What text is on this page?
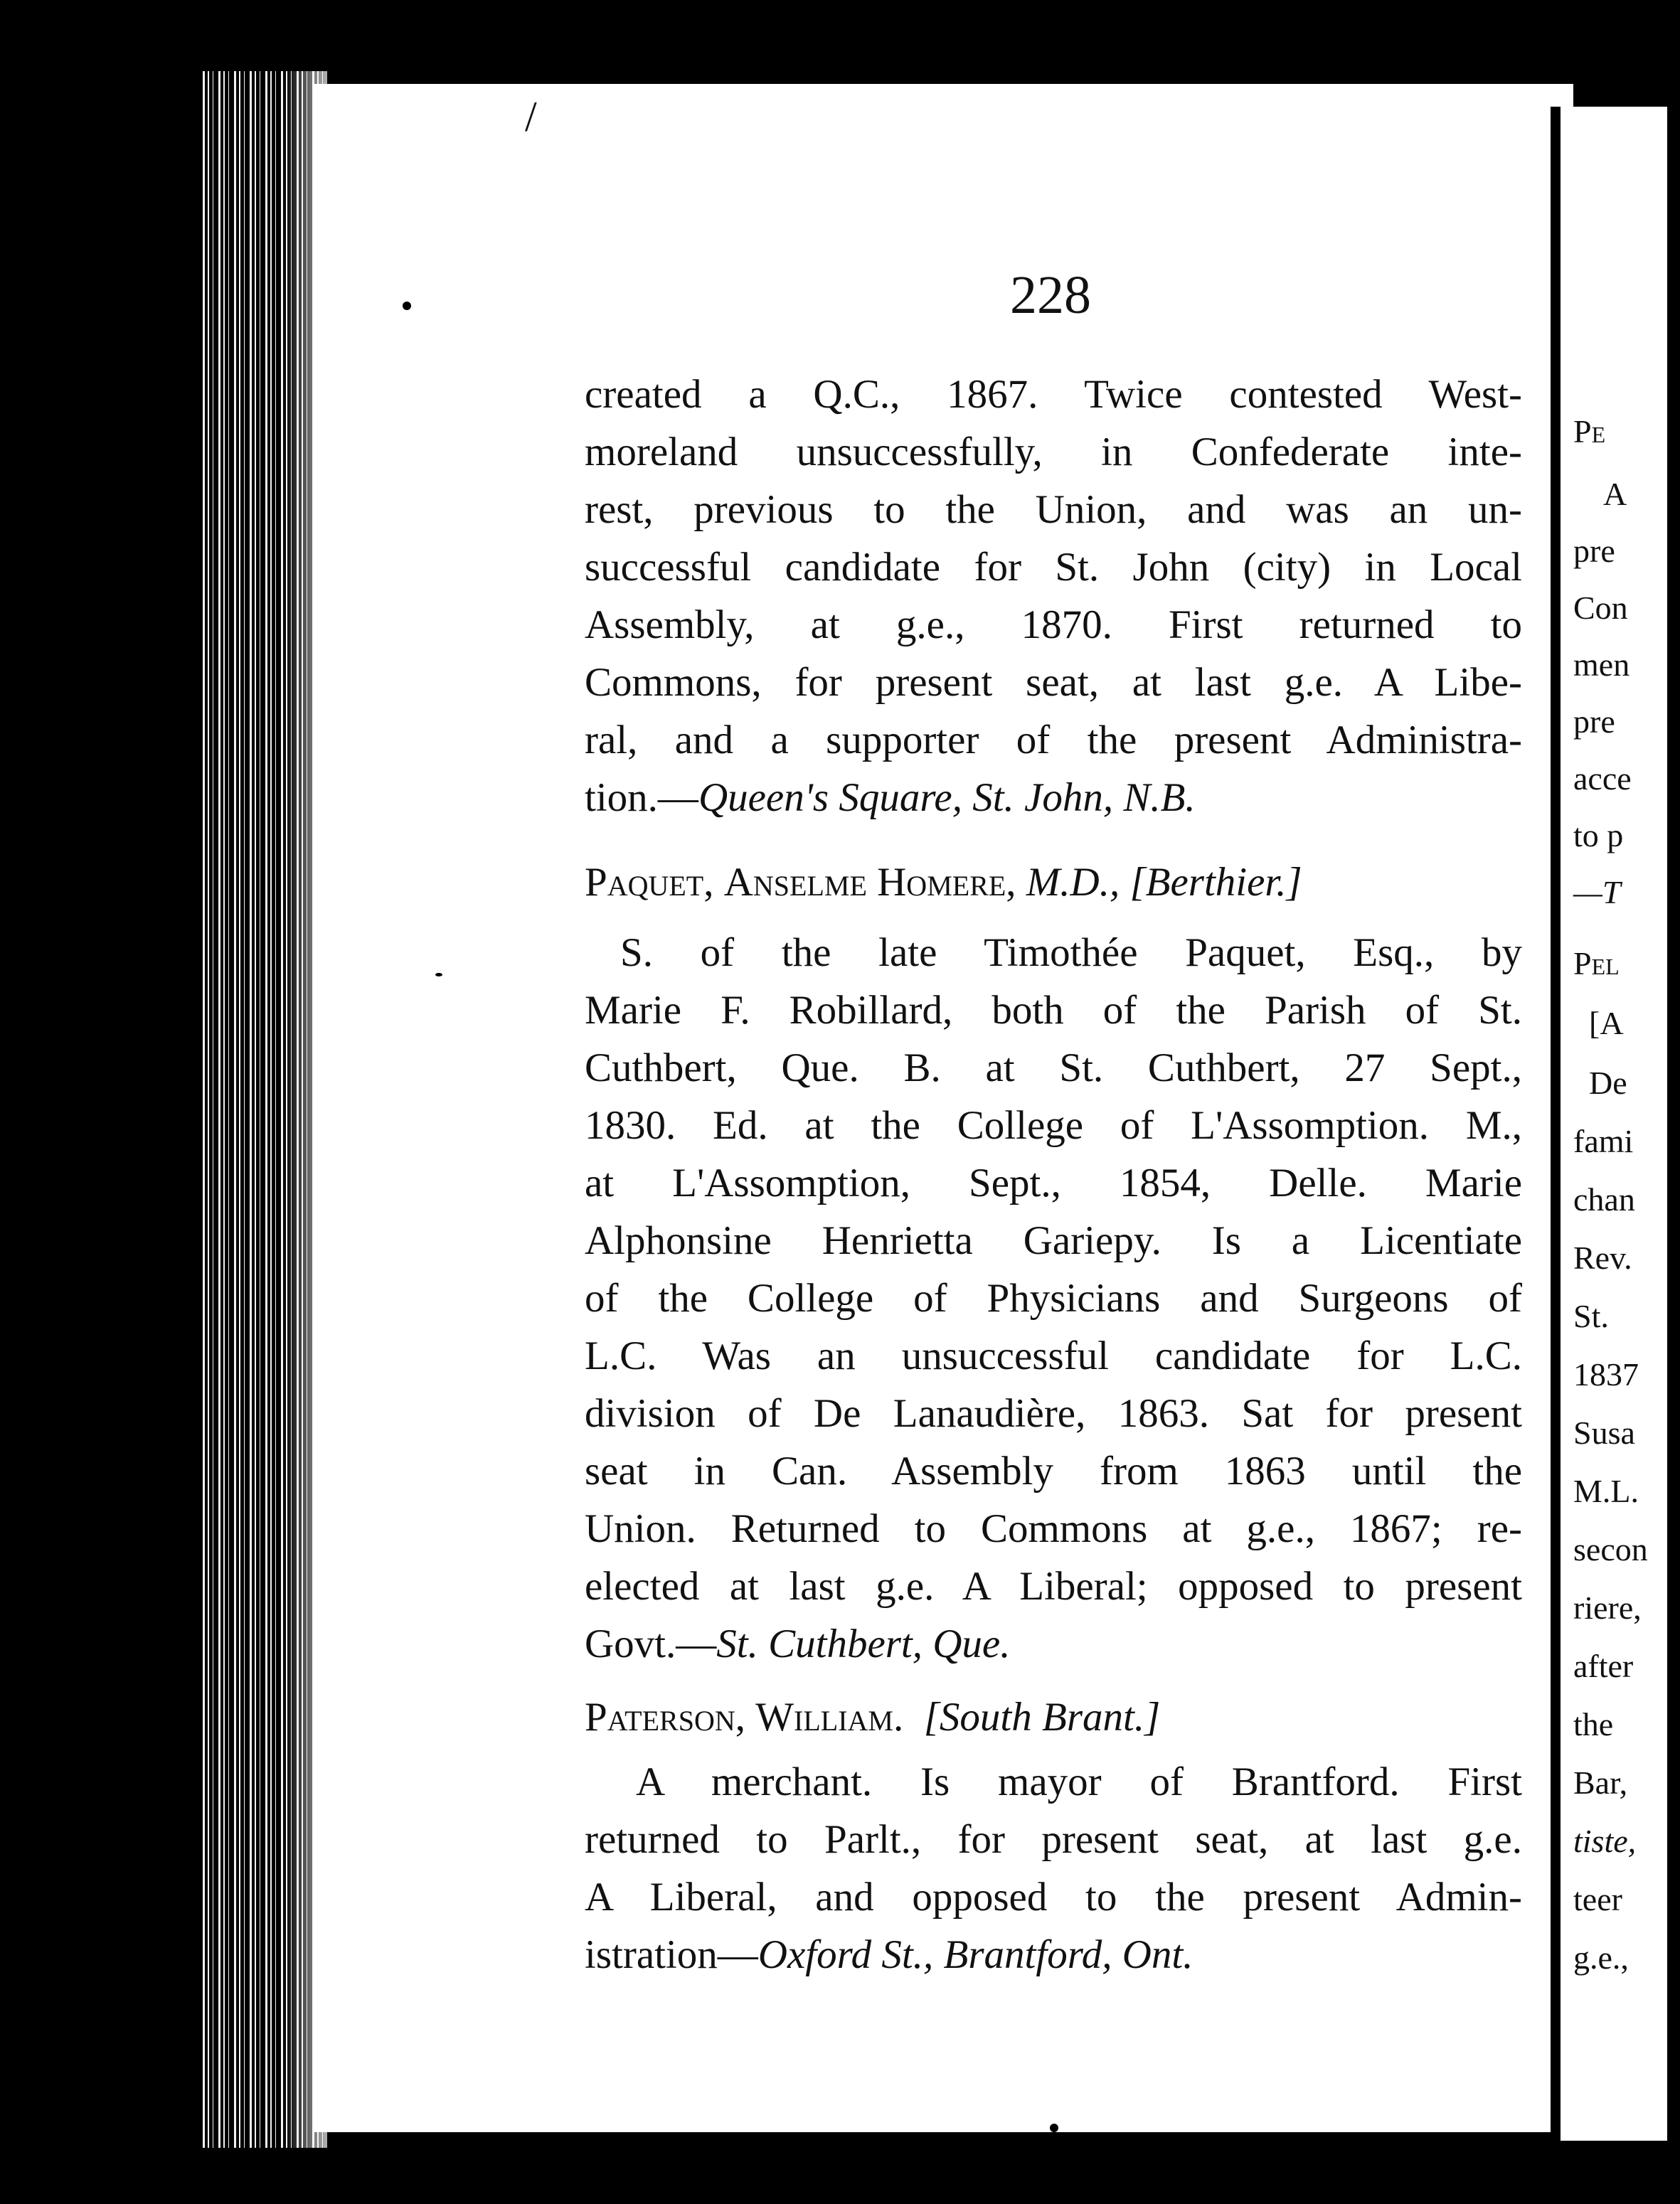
/
228
created a Q.C., 1867. Twice contested West-
moreland unsuccessfully, in Confederate inte-
rest, previous to the Union, and was an un-
successful candidate for St. John (city) in Local
Assembly, at g.e., 1870. First returned to
Commons, for present seat, at last g.e. A Libe-
ral, and a supporter of the present Administra-
tion.—Queen's Square, St. John, N.B.
Paquet, Anselme Homere, M.D., [Berthier.]
S. of the late Timothée Paquet, Esq., by
Marie F. Robillard, both of the Parish of St.
Cuthbert, Que. B. at St. Cuthbert, 27 Sept.,
1830. Ed. at the College of L'Assomption. M.,
at L'Assomption, Sept., 1854, Delle. Marie
Alphonsine Henrietta Gariepy. Is a Licentiate
of the College of Physicians and Surgeons of
L.C. Was an unsuccessful candidate for L.C.
division of De Lanaudière, 1863. Sat for present
seat in Can. Assembly from 1863 until the
Union. Returned to Commons at g.e., 1867; re-
elected at last g.e. A Liberal; opposed to present
Govt.—St. Cuthbert, Que.
Paterson, William. [South Brant.]
A merchant. Is mayor of Brantford. First
returned to Parlt., for present seat, at last g.e.
A Liberal, and opposed to the present Admin-
istration—Oxford St., Brantford, Ont.
Pe
A
pre
Con
men
pre
acce
to p
—T
Pel
[A
De
fami
chan
Rev.
St.
1837
Susa
M.L.
secon
riere,
after
the
Bar,
tiste,
teer
g.e.,
